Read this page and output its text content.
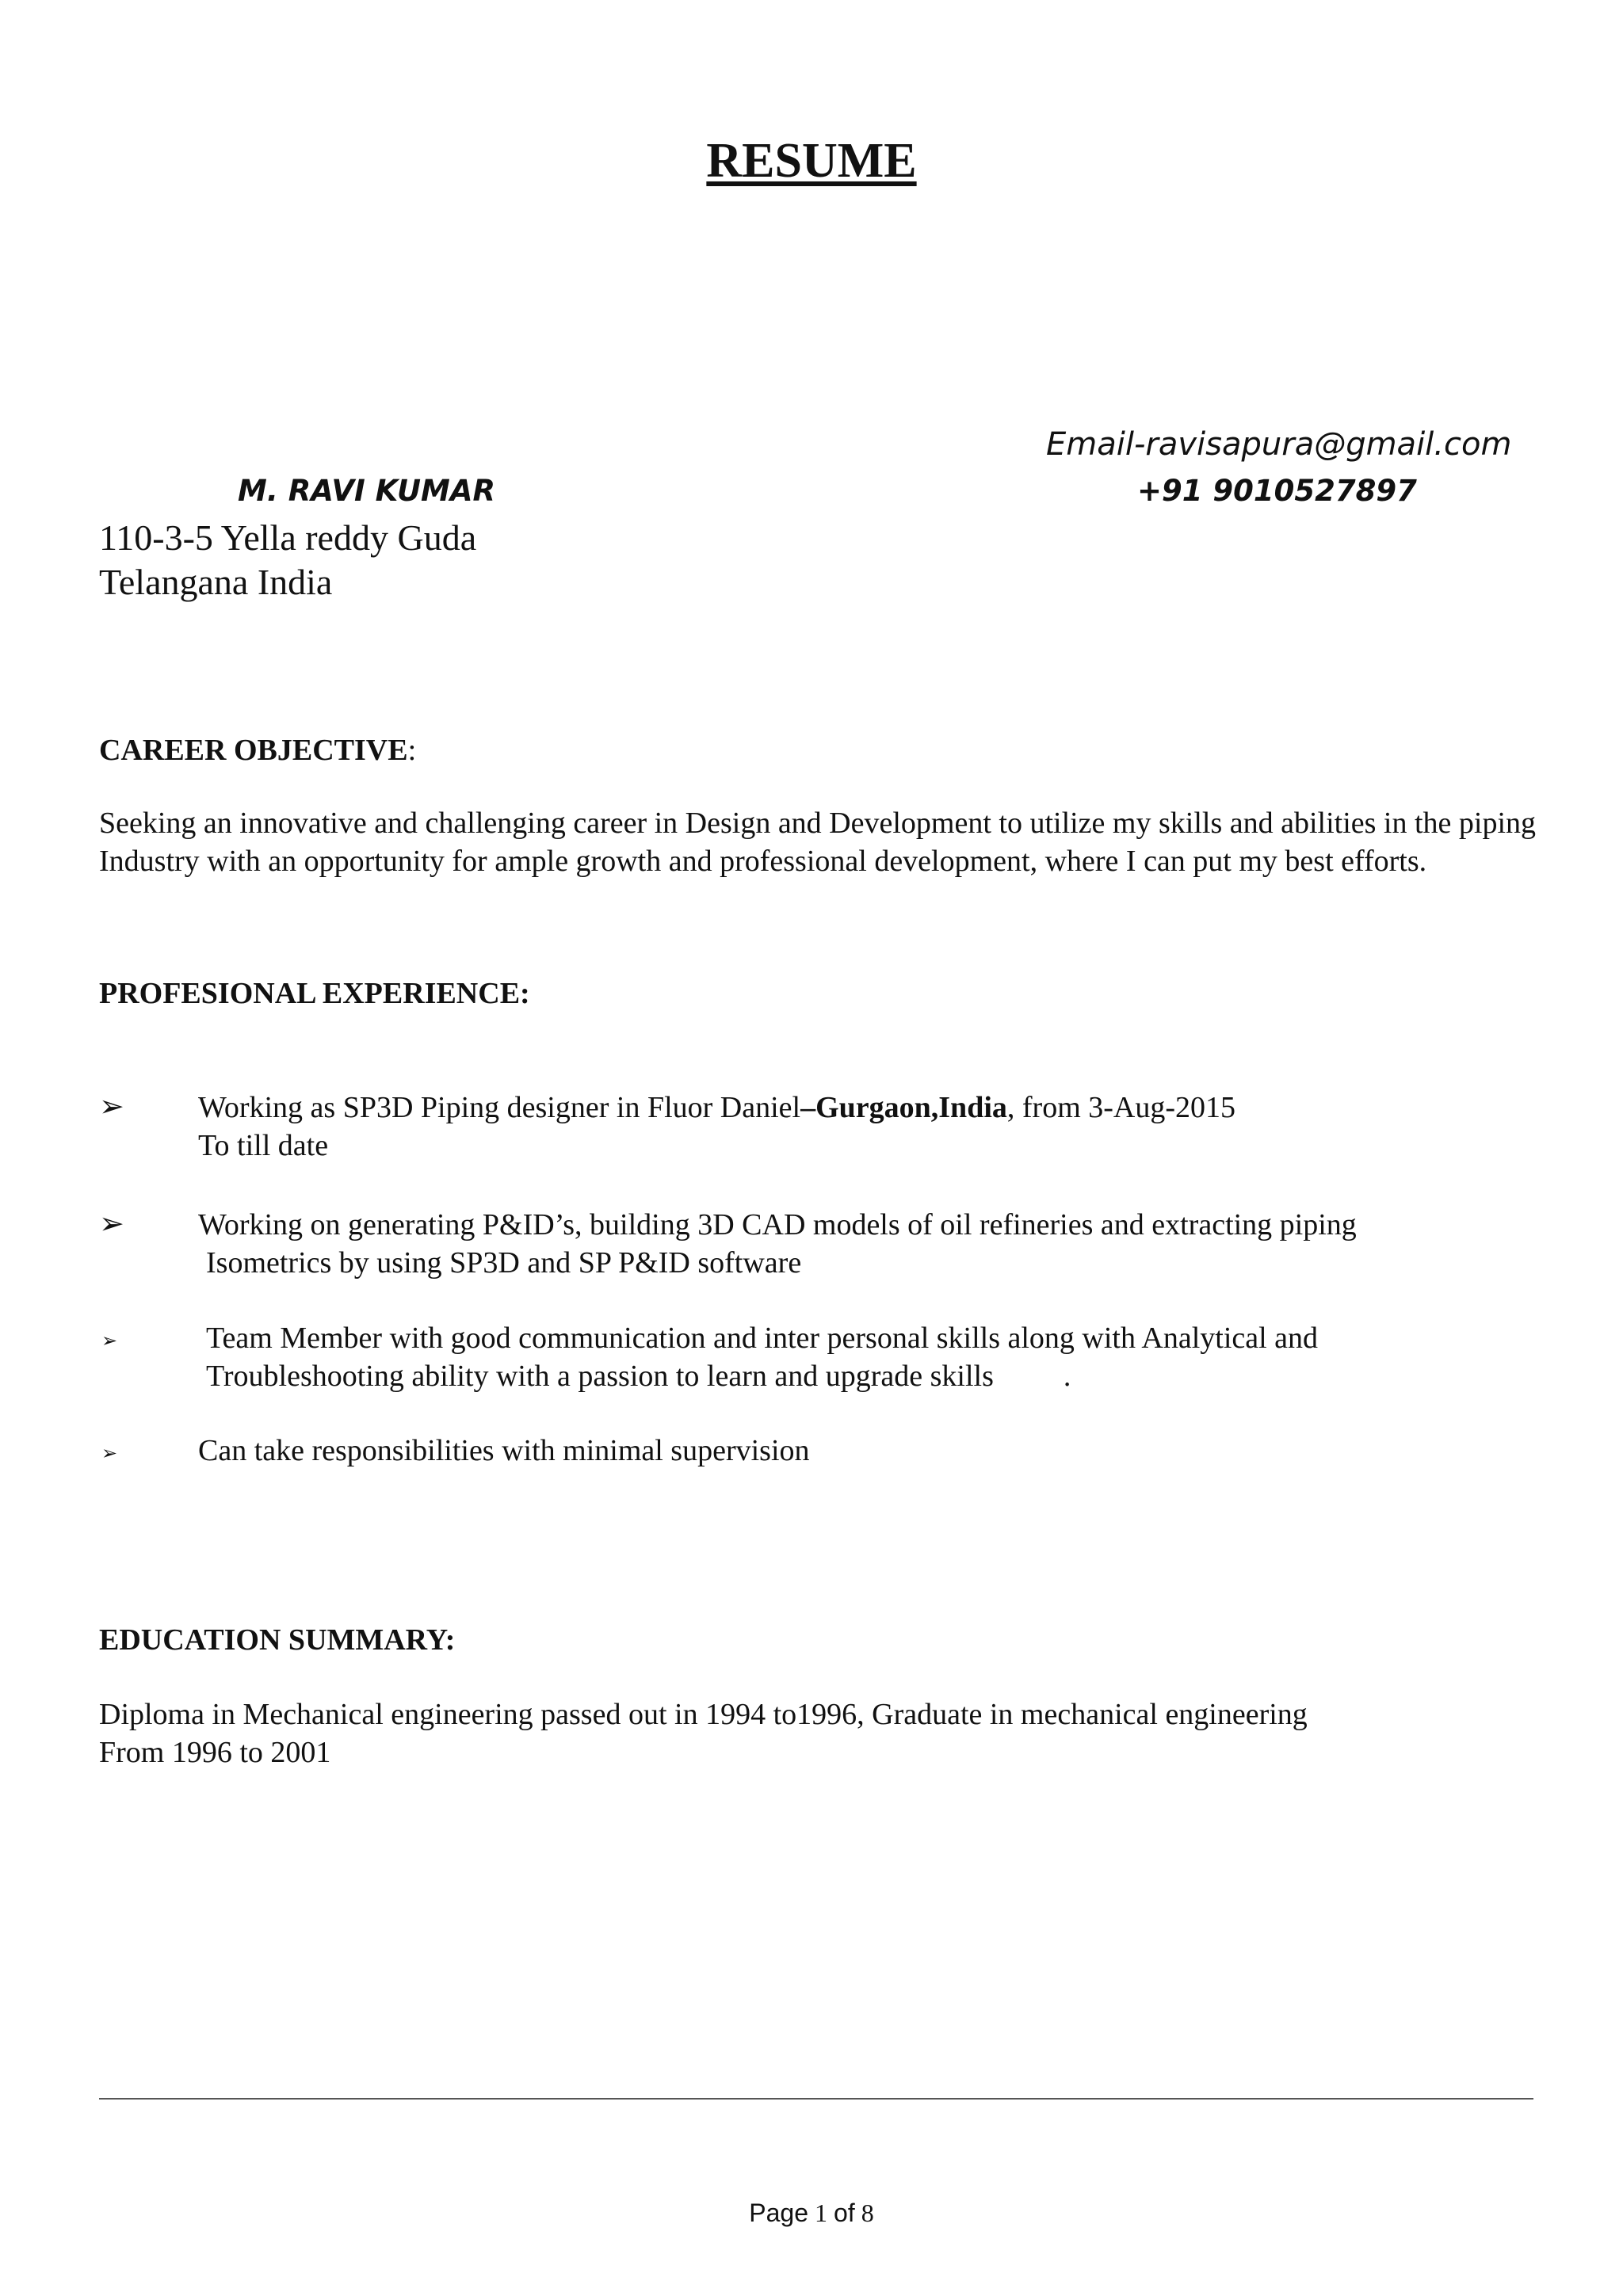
RESUME
Email-ravisapura@gmail.com
M. RAVI KUMAR	+91 9010527897
110-3-5 Yella reddy Guda
Telangana India
CAREER OBJECTIVE:
Seeking an innovative and challenging career in Design and Development to utilize my skills and abilities in the piping Industry with an opportunity for ample growth and professional development, where I can put my best efforts.
PROFESIONAL EXPERIENCE:
➢ Working as SP3D Piping designer in Fluor Daniel–Gurgaon,India, from 3-Aug-2015
To till date
➢ Working on generating P&ID’s, building 3D CAD models of oil refineries and extracting piping
Isometrics by using SP3D and SP P&ID software
➢	Team Member with good communication and inter personal skills along with Analytical and
Troubleshooting ability with a passion to learn and upgrade skills .
➢	Can take responsibilities with minimal supervision
EDUCATION SUMMARY:
Diploma in Mechanical engineering passed out in 1994 to1996, Graduate in mechanical engineering
From 1996 to 2001
Page 1 of 8
